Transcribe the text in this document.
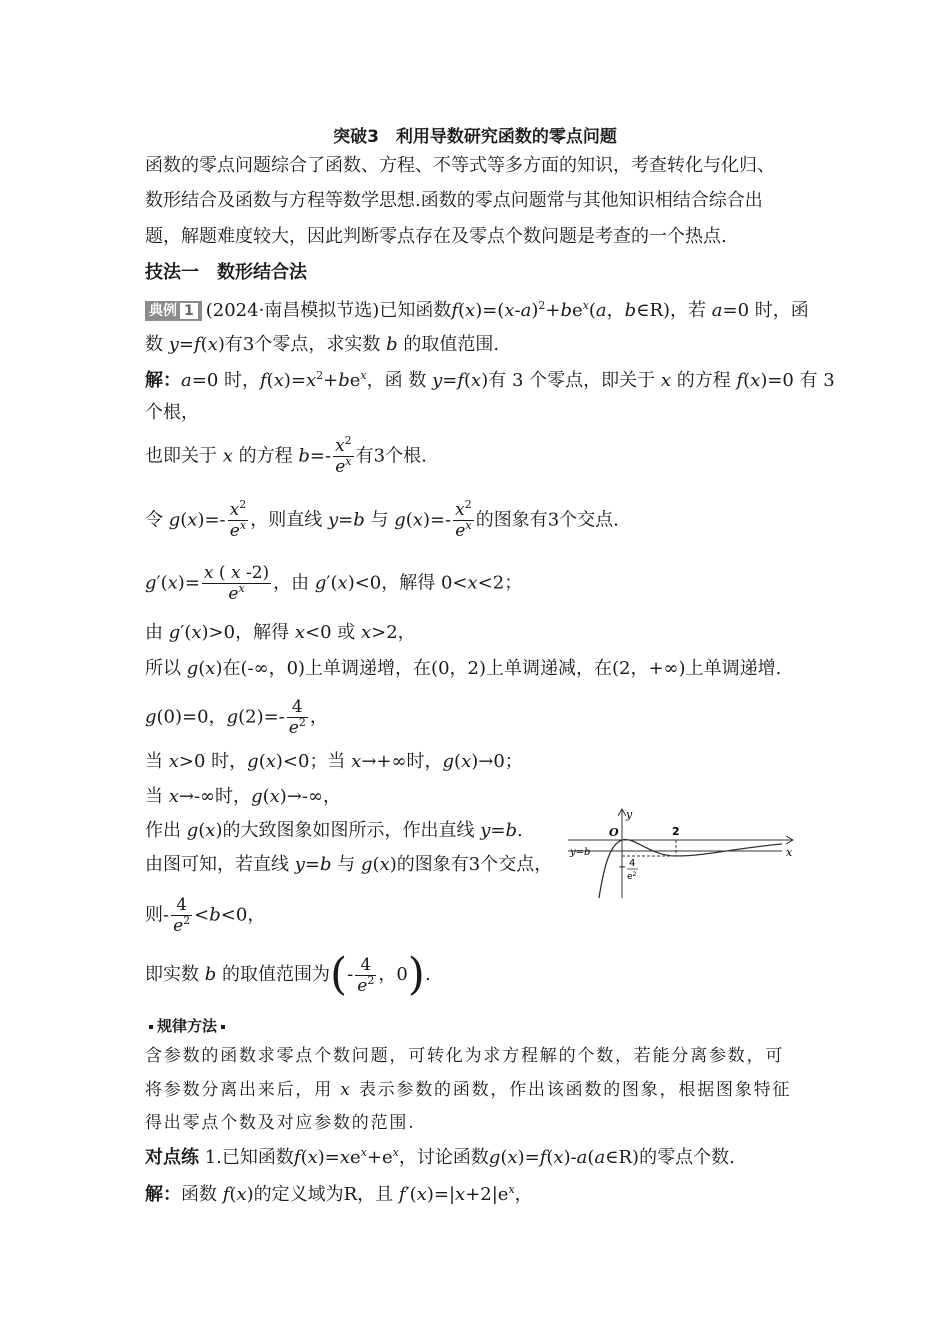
突破3　利用导数研究函数的零点问题
函数的零点问题综合了函数、方程、不等式等多方面的知识，考查转化与化归、
数形结合及函数与方程等数学思想.函数的零点问题常与其他知识相结合综合出
题，解题难度较大，因此判断零点存在及零点个数问题是考查的一个热点.
技法一　数形结合法
典例 1 (2024·南昌模拟节选)已知函数$f(x)=(x-a)^2+be^x(a$，b∈R)，若 a=0 时，函
数 y=f(x)有3个零点，求实数 b 的取值范围.
解：a=0 时，$f(x)=x^2+be^x$，函 数 y=f(x)有 3 个零点，即关于 x 的方程 f(x)=0 有 3
个根，
也即关于 x 的方程 $b=- \frac{x^2}{e^x}$ 有3个根.
令 $g(x)=- \frac{x^2}{e^x}$ ，则直线 y=b 与 $g(x)=- \frac{x^2}{e^x}$ 的图象有3个交点.
$g'(x)= \frac{x ( x -2)}{e^x}$ ，由 g′(x)<0，解得 0<x<2；
由 g′(x)>0，解得 x<0 或 x>2，
所以 g(x)在(-∞，0)上单调递增，在(0，2)上单调递减，在(2，+∞)上单调递增.
g(0)=0，$g(2)=- \frac{4}{e^2}$ ，
当 x>0 时，g(x)<0；当 x→+∞时，g(x)→0；
当 x→-∞时，g(x)→-∞，
作出 g(x)的大致图象如图所示，作出直线 y=b.
由图可知，若直线 y=b 与 g(x)的图象有3个交点，
则- $\frac{4}{e^2} <b<0$，
即实数 b 的取值范围为(- $\frac{4}{e^2}$ ，0).
规律方法
含参数的函数求零点个数问题，可转化为求方程解的个数，若能分离参数，可
将参数分离出来后，用 x 表示参数的函数，作出该函数的图象，根据图象特征
得出零点个数及对应参数的范围.
对点练 1.已知函数$f(x)=xe^x+e^x$，讨论函数g(x)=f(x)-a(a∈R)的零点个数.
解：函数 f(x)的定义域为R，且 $f'(x)=|x+2|e^x$，
y
x
O	2
y=b
− 4
$e^2$
